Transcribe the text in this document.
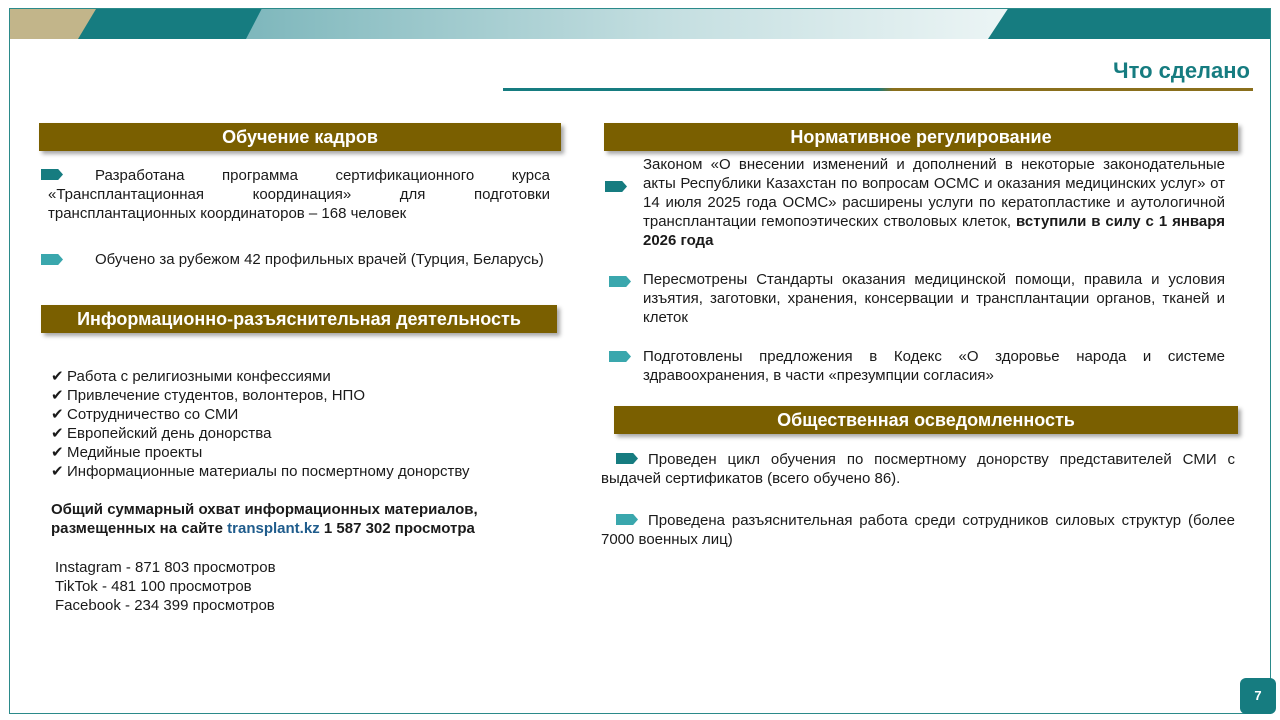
Что сделано
Обучение кадров
Разработана программа сертификационного курса «Трансплантационная координация» для подготовки трансплантационных координаторов – 168 человек
Обучено за рубежом 42 профильных врачей (Турция, Беларусь)
Информационно-разъяснительная деятельность
✔ Работа с религиозными конфессиями
✔ Привлечение студентов, волонтеров, НПО
✔ Сотрудничество со СМИ
✔ Европейский день донорства
✔ Медийные проекты
✔ Информационные материалы по посмертному донорству
Общий суммарный охват информационных материалов,
размещенных на сайте transplant.kz 1 587 302 просмотра
Instagram - 871 803 просмотров
TikTok - 481 100 просмотров
Facebook - 234 399 просмотров
Нормативное регулирование
Законом «О внесении изменений и дополнений в некоторые законодательные акты Республики Казахстан по вопросам ОСМС и оказания медицинских услуг» от 14 июля 2025 года ОСМС» расширены услуги по кератопластике и аутологичной трансплантации гемопоэтических стволовых клеток, вступили в силу с 1 января 2026 года
Пересмотрены Стандарты оказания медицинской помощи, правила и условия изъятия, заготовки, хранения, консервации и трансплантации органов, тканей и клеток
Подготовлены предложения в Кодекс «О здоровье народа и системе здравоохранения, в части «презумпции согласия»
Общественная осведомленность
Проведен цикл обучения по посмертному донорству представителей СМИ с выдачей сертификатов (всего обучено 86).
Проведена разъяснительная работа среди сотрудников силовых структур (более 7000 военных лиц)
7
